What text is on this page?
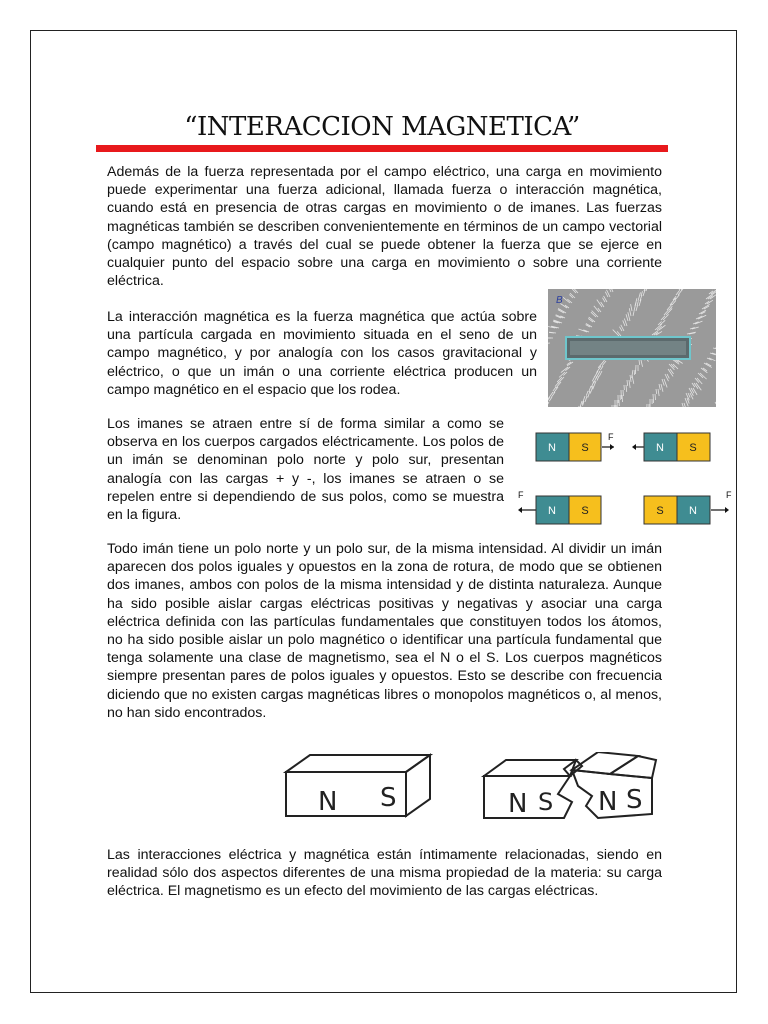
“INTERACCION MAGNETICA”

Además de la fuerza representada por el campo eléctrico, una carga en movimiento puede experimentar una fuerza adicional, llamada fuerza o interacción magnética, cuando está en presencia de otras cargas en movimiento o de imanes. Las fuerzas magnéticas también se describen convenientemente en términos de un campo vectorial (campo magnético) a través del cual se puede obtener la fuerza que se ejerce en cualquier punto del espacio sobre una carga en movimiento o sobre una corriente eléctrica.

La interacción magnética es la fuerza magnética que actúa sobre una partícula cargada en movimiento situada en el seno de un campo magnético, y por analogía con los casos gravitacional y eléctrico, o que un imán o una corriente eléctrica producen un campo magnético en el espacio que los rodea.

Los imanes se atraen entre sí de forma similar a como se observa en los cuerpos cargados eléctricamente. Los polos de un imán se denominan polo norte y polo sur, presentan analogía con las cargas + y -, los imanes se atraen o se repelen entre si dependiendo de sus polos, como se muestra en la figura.

Todo imán tiene un polo norte y un polo sur, de la misma intensidad. Al dividir un imán aparecen dos polos iguales y opuestos en la zona de rotura, de modo que se obtienen dos imanes, ambos con polos de la misma intensidad y de distinta naturaleza. Aunque ha sido posible aislar cargas eléctricas positivas y negativas y asociar una carga eléctrica definida con las partículas fundamentales que constituyen todos los átomos, no ha sido posible aislar un polo magnético o identificar una partícula fundamental que tenga solamente una clase de magnetismo, sea el N o el S. Los cuerpos magnéticos siempre presentan pares de polos iguales y opuestos. Esto se describe con frecuencia diciendo que no existen cargas magnéticas libres o monopolos magnéticos o, al menos, no han sido encontrados.

Las interacciones eléctrica y magnética están íntimamente relacionadas, siendo en realidad sólo dos aspectos diferentes de una misma propiedad de la materia: su carga eléctrica. El magnetismo es un efecto del movimiento de las cargas eléctricas.

B
N S
F
N S
F
N S	S N
F
N S	N S N S
